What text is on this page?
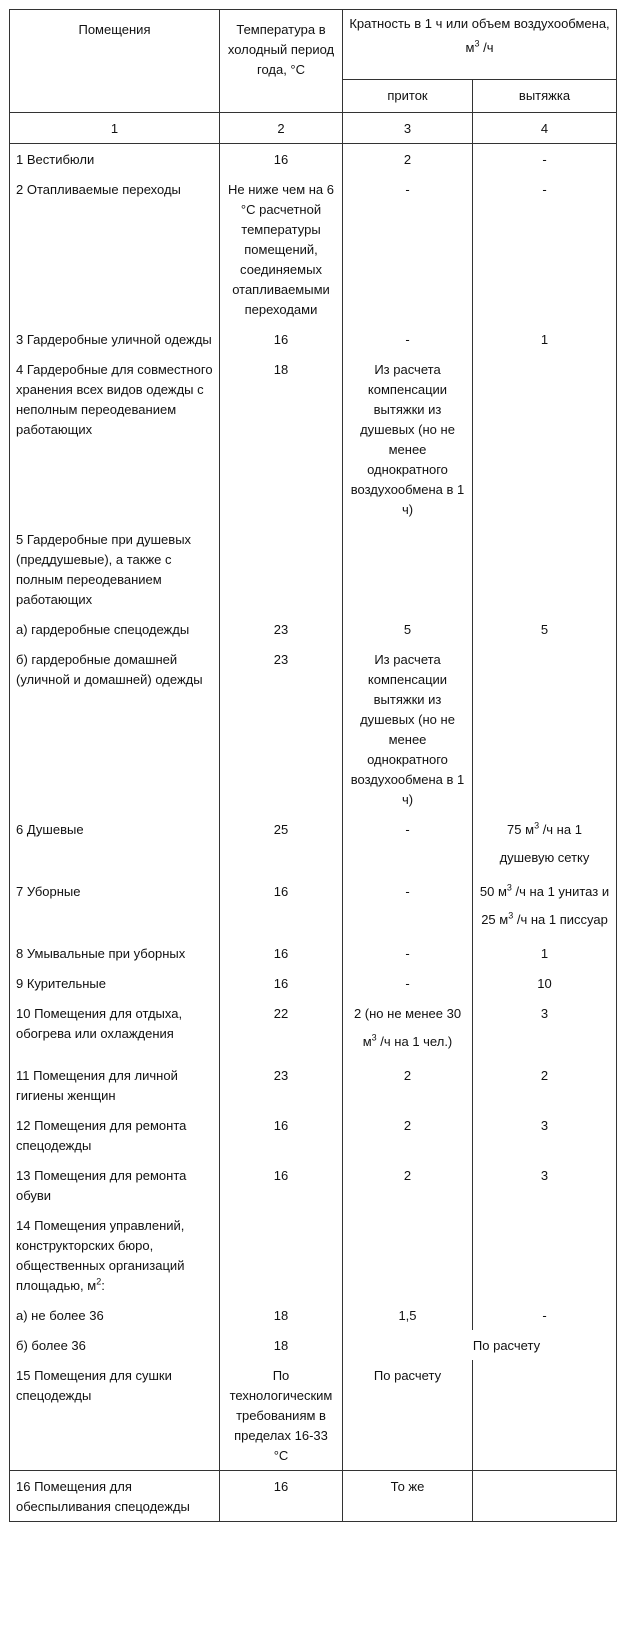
Помещения	Температура в холодный период года, °С	Кратность в 1 ч или объем воздухообмена, $м^3$ /ч	
		приток	вытяжка
1	2	3	4
1 Вестибюли	16	2	-
2 Отапливаемые переходы	Не ниже чем на 6 °С расчетной температуры помещений, соединяемых отапливаемыми переходами	-	-
3 Гардеробные уличной одежды	16	-	1
4 Гардеробные для совместного хранения всех видов одежды с неполным переодеванием работающих	18	Из расчета компенсации вытяжки из душевых (но не менее однократного воздухообмена в 1 ч)	
5 Гардеробные при душевых (преддушевые), а также с полным переодеванием работающих			
а) гардеробные спецодежды	23	5	5
б) гардеробные домашней (уличной и домашней) одежды	23	Из расчета компенсации вытяжки из душевых (но не менее однократного воздухообмена в 1 ч)	
6 Душевые	25	-	75 $м^3$ /ч на 1 душевую сетку
7 Уборные	16	-	50 $м^3$ /ч на 1 унитаз и 25 $м^3$ /ч на 1 писсуар
8 Умывальные при уборных	16	-	1
9 Курительные	16	-	10
10 Помещения для отдыха, обогрева или охлаждения	22	2 (но не менее 30 $м^3$ /ч на 1 чел.)	3
11 Помещения для личной гигиены женщин	23	2	2
12 Помещения для ремонта спецодежды	16	2	3
13 Помещения для ремонта обуви	16	2	3
14 Помещения управлений, конструкторских бюро, общественных организаций площадью, $м^2$:			
а) не более 36	18	1,5	-
б) более 36	18	По расчету	
15 Помещения для сушки спецодежды	По технологическим требованиям в пределах 16-33 °С	По расчету	
16 Помещения для обеспыливания спецодежды	16	То же	
